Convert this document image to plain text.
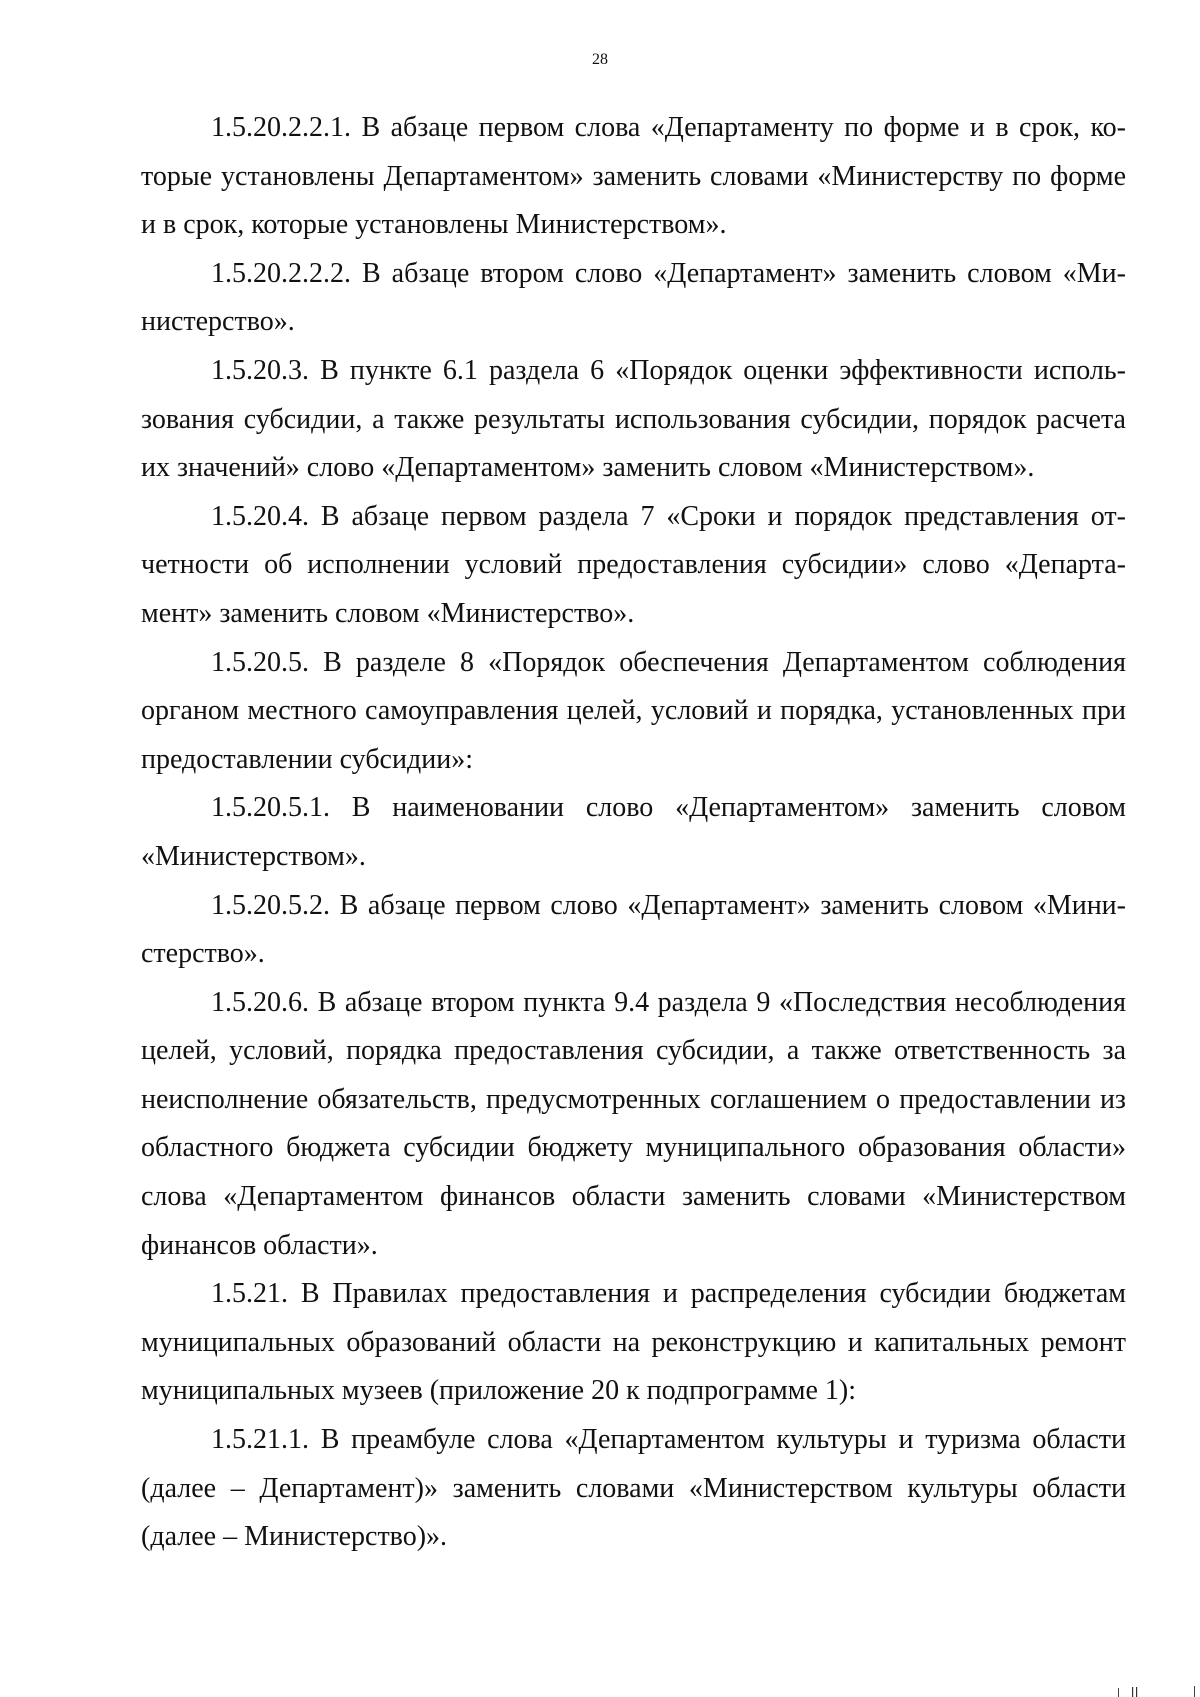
28

1.5.20.2.2.1. В абзаце первом слова «Департаменту по форме и в срок, которые установлены Департаментом» заменить словами «Министерству по форме и в срок, которые установлены Министерством».

1.5.20.2.2.2. В абзаце втором слово «Департамент» заменить словом «Министерство».

1.5.20.3. В пункте 6.1 раздела 6 «Порядок оценки эффективности использования субсидии, а также результаты использования субсидии, порядок расчета их значений» слово «Департаментом» заменить словом «Министерством».

1.5.20.4. В абзаце первом раздела 7 «Сроки и порядок представления отчетности об исполнении условий предоставления субсидии» слово «Департамент» заменить словом «Министерство».

1.5.20.5. В разделе 8 «Порядок обеспечения Департаментом соблюдения органом местного самоуправления целей, условий и порядка, установленных при предоставлении субсидии»:

1.5.20.5.1. В наименовании слово «Департаментом» заменить словом «Министерством».

1.5.20.5.2. В абзаце первом слово «Департамент» заменить словом «Министерство».

1.5.20.6. В абзаце втором пункта 9.4 раздела 9 «Последствия несоблюдения целей, условий, порядка предоставления субсидии, а также ответственность за неисполнение обязательств, предусмотренных соглашением о предоставлении из областного бюджета субсидии бюджету муниципального образования области» слова «Департаментом финансов области заменить словами «Министерством финансов области».

1.5.21. В Правилах предоставления и распределения субсидии бюджетам муниципальных образований области на реконструкцию и капитальных ремонт муниципальных музеев (приложение 20 к подпрограмме 1):

1.5.21.1. В преамбуле слова «Департаментом культуры и туризма области (далее – Департамент)» заменить словами «Министерством культуры области (далее – Министерство)».
